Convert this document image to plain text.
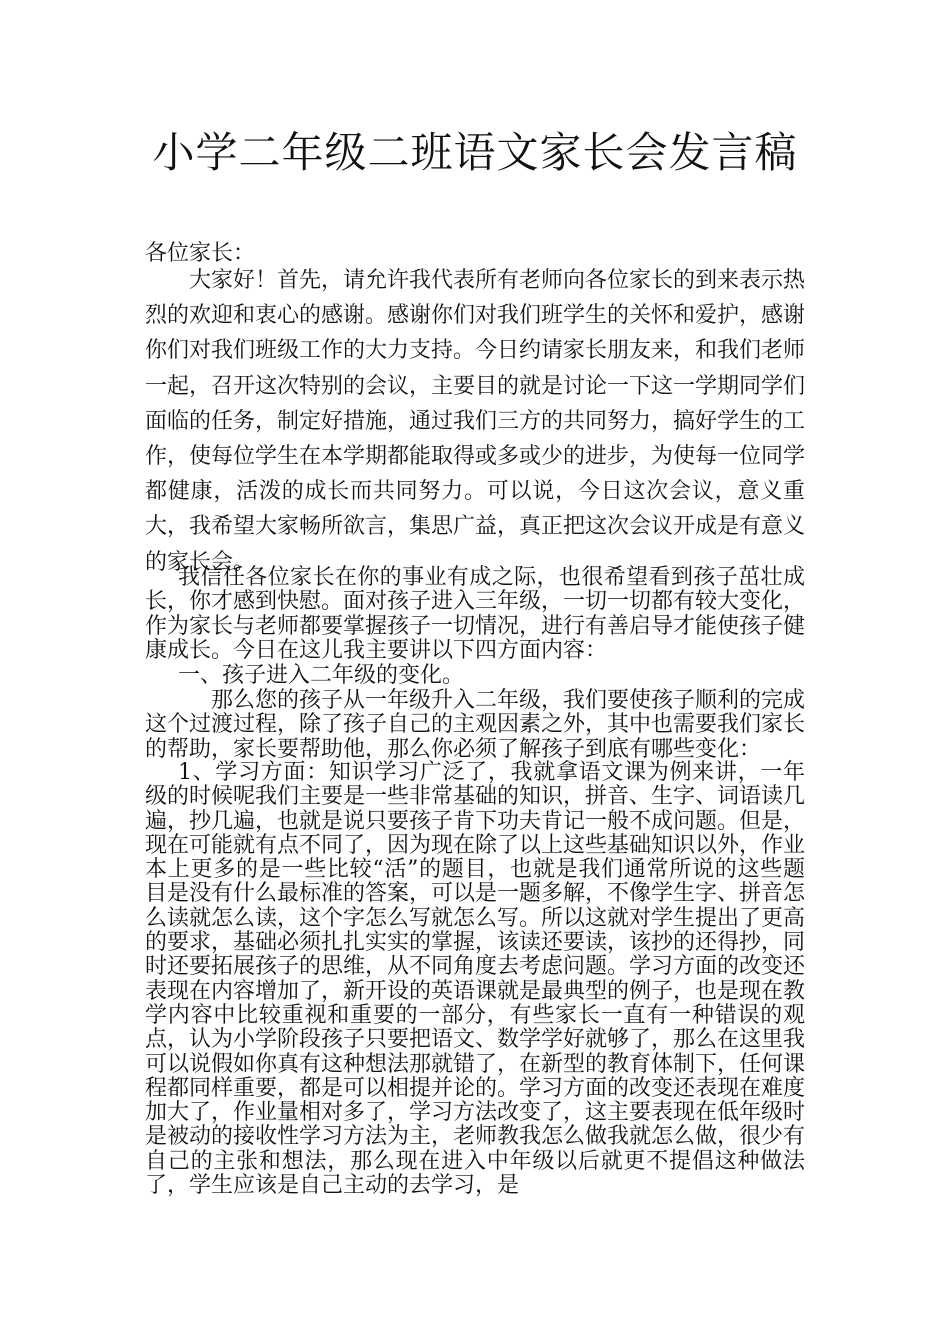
小学二年级二班语文家长会发言稿

各位家长：

大家好！首先，请允许我代表所有老师向各位家长的到来表示热烈的欢迎和衷心的感谢。感谢你们对我们班学生的关怀和爱护，感谢你们对我们班级工作的大力支持。今日约请家长朋友来，和我们老师一起，召开这次特别的会议，主要目的就是讨论一下这一学期同学们面临的任务，制定好措施，通过我们三方的共同努力，搞好学生的工作，使每位学生在本学期都能取得或多或少的进步，为使每一位同学都健康，活泼的成长而共同努力。可以说，今日这次会议，意义重大，我希望大家畅所欲言，集思广益，真正把这次会议开成是有意义的家长会。

我信任各位家长在你的事业有成之际，也很希望看到孩子茁壮成长，你才感到快慰。面对孩子进入三年级，一切一切都有较大变化，作为家长与老师都要掌握孩子一切情况，进行有善启导才能使孩子健康成长。今日在这儿我主要讲以下四方面内容：

一、孩子进入二年级的变化。

那么您的孩子从一年级升入二年级，我们要使孩子顺利的完成这个过渡过程，除了孩子自己的主观因素之外，其中也需要我们家长的帮助，家长要帮助他，那么你必须了解孩子到底有哪些变化：

1、学习方面：知识学习广泛了，我就拿语文课为例来讲，一年级的时候呢我们主要是一些非常基础的知识，拼音、生字、词语读几遍，抄几遍，也就是说只要孩子肯下功夫肯记一般不成问题。但是，现在可能就有点不同了，因为现在除了以上这些基础知识以外，作业本上更多的是一些比较“活”的题目，也就是我们通常所说的这些题目是没有什么最标准的答案，可以是一题多解，不像学生字、拼音怎么读就怎么读，这个字怎么写就怎么写。所以这就对学生提出了更高的要求，基础必须扎扎实实的掌握，该读还要读，该抄的还得抄，同时还要拓展孩子的思维，从不同角度去考虑问题。学习方面的改变还表现在内容增加了，新开设的英语课就是最典型的例子，也是现在教学内容中比较重视和重要的一部分，有些家长一直有一种错误的观点，认为小学阶段孩子只要把语文、数学学好就够了，那么在这里我可以说假如你真有这种想法那就错了，在新型的教育体制下，任何课程都同样重要，都是可以相提并论的。学习方面的改变还表现在难度加大了，作业量相对多了，学习方法改变了，这主要表现在低年级时是被动的接收性学习方法为主，老师教我怎么做我就怎么做，很少有自己的主张和想法，那么现在进入中年级以后就更不提倡这种做法了，学生应该是自己主动的去学习，是
